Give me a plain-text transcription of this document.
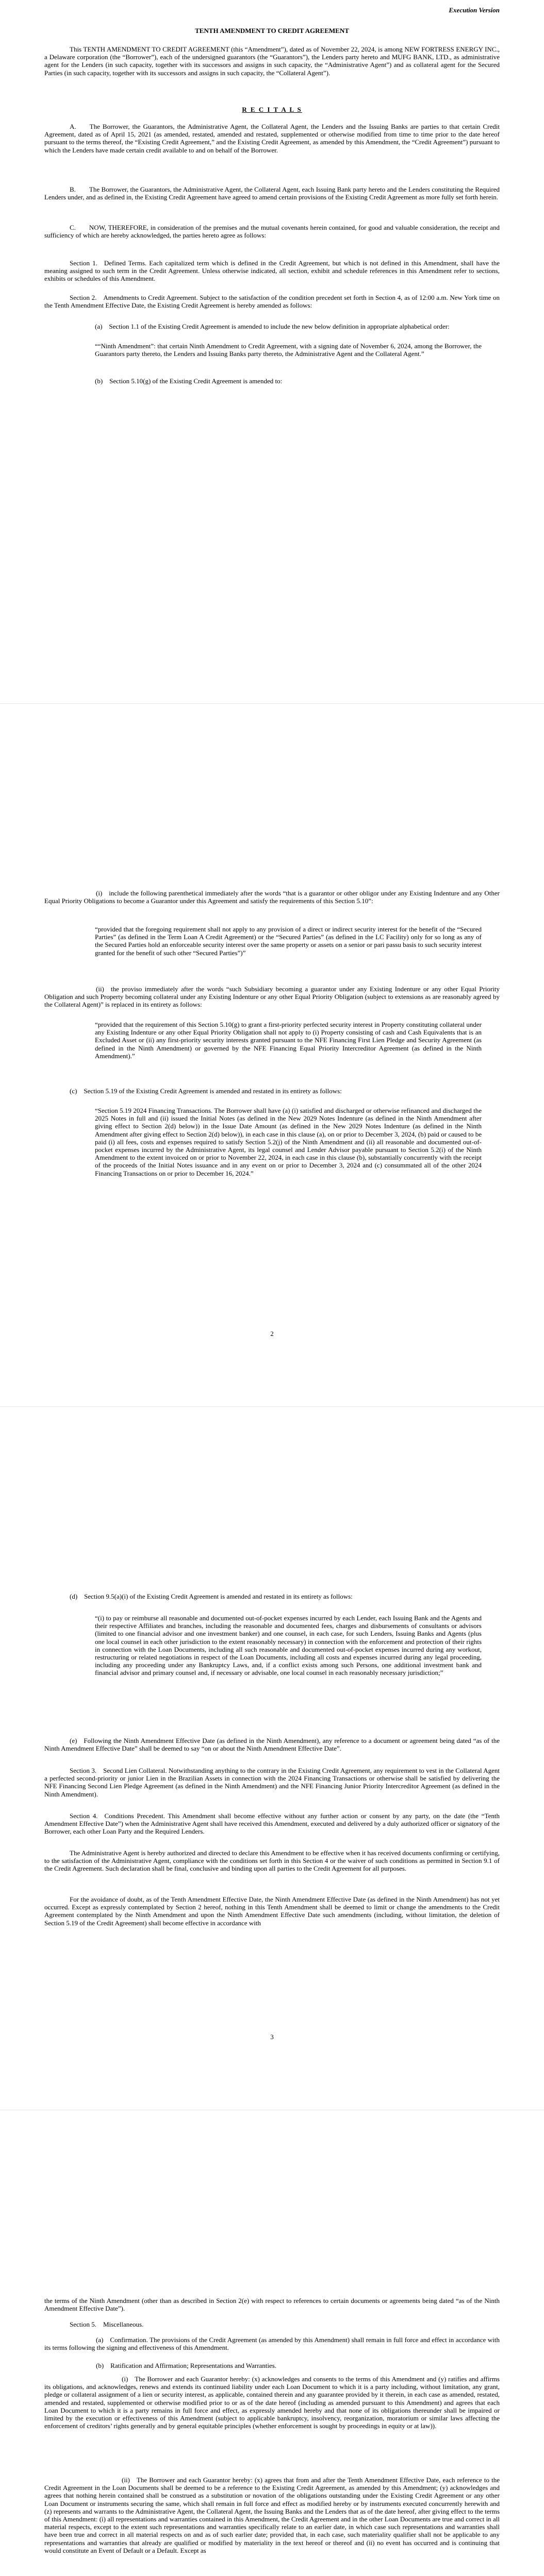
Execution Version

TENTH AMENDMENT TO CREDIT AGREEMENT

This TENTH AMENDMENT TO CREDIT AGREEMENT (this “Amendment”), dated as of November 22, 2024, is among NEW FORTRESS ENERGY INC., a Delaware corporation (the “Borrower”), each of the undersigned guarantors (the “Guarantors”), the Lenders party hereto and MUFG BANK, LTD., as administrative agent for the Lenders (in such capacity, together with its successors and assigns in such capacity, the “Administrative Agent”) and as collateral agent for the Secured Parties (in such capacity, together with its successors and assigns in such capacity, the “Collateral Agent”).

R E C I T A L S

A.  The Borrower, the Guarantors, the Administrative Agent, the Collateral Agent, the Lenders and the Issuing Banks are parties to that certain Credit Agreement, dated as of April 15, 2021 (as amended, restated, amended and restated, supplemented or otherwise modified from time to time prior to the date hereof pursuant to the terms thereof, the “Existing Credit Agreement,” and the Existing Credit Agreement, as amended by this Amendment, the “Credit Agreement”) pursuant to which the Lenders have made certain credit available to and on behalf of the Borrower.

B.  The Borrower, the Guarantors, the Administrative Agent, the Collateral Agent, each Issuing Bank party hereto and the Lenders constituting the Required Lenders under, and as defined in, the Existing Credit Agreement have agreed to amend certain provisions of the Existing Credit Agreement as more fully set forth herein.

C.  NOW, THEREFORE, in consideration of the premises and the mutual covenants herein contained, for good and valuable consideration, the receipt and sufficiency of which are hereby acknowledged, the parties hereto agree as follows:

Section 1. Defined Terms. Each capitalized term which is defined in the Credit Agreement, but which is not defined in this Amendment, shall have the meaning assigned to such term in the Credit Agreement. Unless otherwise indicated, all section, exhibit and schedule references in this Amendment refer to sections, exhibits or schedules of this Amendment.

Section 2. Amendments to Credit Agreement. Subject to the satisfaction of the condition precedent set forth in Section 4, as of 12:00 a.m. New York time on the Tenth Amendment Effective Date, the Existing Credit Agreement is hereby amended as follows:

(a) Section 1.1 of the Existing Credit Agreement is amended to include the new below definition in appropriate alphabetical order:

““Ninth Amendment”: that certain Ninth Amendment to Credit Agreement, with a signing date of November 6, 2024, among the Borrower, the Guarantors party thereto, the Lenders and Issuing Banks party thereto, the Administrative Agent and the Collateral Agent.”

(b) Section 5.10(g) of the Existing Credit Agreement is amended to:

(i) include the following parenthetical immediately after the words “that is a guarantor or other obligor under any Existing Indenture and any Other Equal Priority Obligations to become a Guarantor under this Agreement and satisfy the requirements of this Section 5.10”:

“provided that the foregoing requirement shall not apply to any provision of a direct or indirect security interest for the benefit of the “Secured Parties” (as defined in the Term Loan A Credit Agreement) or the “Secured Parties” (as defined in the LC Facility) only for so long as any of the Secured Parties hold an enforceable security interest over the same property or assets on a senior or pari passu basis to such security interest granted for the benefit of such other “Secured Parties”)”

(ii) the proviso immediately after the words “such Subsidiary becoming a guarantor under any Existing Indenture or any other Equal Priority Obligation and such Property becoming collateral under any Existing Indenture or any other Equal Priority Obligation (subject to extensions as are reasonably agreed by the Collateral Agent)” is replaced in its entirety as follows:

“provided that the requirement of this Section 5.10(g) to grant a first-priority perfected security interest in Property constituting collateral under any Existing Indenture or any other Equal Priority Obligation shall not apply to (i) Property consisting of cash and Cash Equivalents that is an Excluded Asset or (ii) any first-priority security interests granted pursuant to the NFE Financing First Lien Pledge and Security Agreement (as defined in the Ninth Amendment) or governed by the NFE Financing Equal Priority Intercreditor Agreement (as defined in the Ninth Amendment).”

(c) Section 5.19 of the Existing Credit Agreement is amended and restated in its entirety as follows:

“Section 5.19 2024 Financing Transactions. The Borrower shall have (a) (i) satisfied and discharged or otherwise refinanced and discharged the 2025 Notes in full and (ii) issued the Initial Notes (as defined in the New 2029 Notes Indenture (as defined in the Ninth Amendment after giving effect to Section 2(d) below)) in the Issue Date Amount (as defined in the New 2029 Notes Indenture (as defined in the Ninth Amendment after giving effect to Section 2(d) below)), in each case in this clause (a), on or prior to December 3, 2024, (b) paid or caused to be paid (i) all fees, costs and expenses required to satisfy Section 5.2(j) of the Ninth Amendment and (ii) all reasonable and documented out-of-pocket expenses incurred by the Administrative Agent, its legal counsel and Lender Advisor payable pursuant to Section 5.2(i) of the Ninth Amendment to the extent invoiced on or prior to November 22, 2024, in each case in this clause (b), substantially concurrently with the receipt of the proceeds of the Initial Notes issuance and in any event on or prior to December 3, 2024 and (c) consummated all of the other 2024 Financing Transactions on or prior to December 16, 2024.”

2

(d) Section 9.5(a)(i) of the Existing Credit Agreement is amended and restated in its entirety as follows:

“(i) to pay or reimburse all reasonable and documented out-of-pocket expenses incurred by each Lender, each Issuing Bank and the Agents and their respective Affiliates and branches, including the reasonable and documented fees, charges and disbursements of consultants or advisors (limited to one financial advisor and one investment banker) and one counsel, in each case, for such Lenders, Issuing Banks and Agents (plus one local counsel in each other jurisdiction to the extent reasonably necessary) in connection with the enforcement and protection of their rights in connection with the Loan Documents, including all such reasonable and documented out-of-pocket expenses incurred during any workout, restructuring or related negotiations in respect of the Loan Documents, including all costs and expenses incurred during any legal proceeding, including any proceeding under any Bankruptcy Laws, and, if a conflict exists among such Persons, one additional investment bank and financial advisor and primary counsel and, if necessary or advisable, one local counsel in each reasonably necessary jurisdiction;”

(e) Following the Ninth Amendment Effective Date (as defined in the Ninth Amendment), any reference to a document or agreement being dated “as of the Ninth Amendment Effective Date” shall be deemed to say “on or about the Ninth Amendment Effective Date”.

Section 3. Second Lien Collateral. Notwithstanding anything to the contrary in the Existing Credit Agreement, any requirement to vest in the Collateral Agent a perfected second-priority or junior Lien in the Brazilian Assets in connection with the 2024 Financing Transactions or otherwise shall be satisfied by delivering the NFE Financing Second Lien Pledge Agreement (as defined in the Ninth Amendment) and the NFE Financing Junior Priority Intercreditor Agreement (as defined in the Ninth Amendment).

Section 4. Conditions Precedent. This Amendment shall become effective without any further action or consent by any party, on the date (the “Tenth Amendment Effective Date”) when the Administrative Agent shall have received this Amendment, executed and delivered by a duly authorized officer or signatory of the Borrower, each other Loan Party and the Required Lenders.

The Administrative Agent is hereby authorized and directed to declare this Amendment to be effective when it has received documents confirming or certifying, to the satisfaction of the Administrative Agent, compliance with the conditions set forth in this Section 4 or the waiver of such conditions as permitted in Section 9.1 of the Credit Agreement. Such declaration shall be final, conclusive and binding upon all parties to the Credit Agreement for all purposes.

For the avoidance of doubt, as of the Tenth Amendment Effective Date, the Ninth Amendment Effective Date (as defined in the Ninth Amendment) has not yet occurred. Except as expressly contemplated by Section 2 hereof, nothing in this Tenth Amendment shall be deemed to limit or change the amendments to the Credit Agreement contemplated by the Ninth Amendment and upon the Ninth Amendment Effective Date such amendments (including, without limitation, the deletion of Section 5.19 of the Credit Agreement) shall become effective in accordance with

3

the terms of the Ninth Amendment (other than as described in Section 2(e) with respect to references to certain documents or agreements being dated “as of the Ninth Amendment Effective Date”).

Section 5. Miscellaneous.

(a) Confirmation. The provisions of the Credit Agreement (as amended by this Amendment) shall remain in full force and effect in accordance with its terms following the signing and effectiveness of this Amendment.

(b) Ratification and Affirmation; Representations and Warranties.

(i) The Borrower and each Guarantor hereby: (x) acknowledges and consents to the terms of this Amendment and (y) ratifies and affirms its obligations, and acknowledges, renews and extends its continued liability under each Loan Document to which it is a party including, without limitation, any grant, pledge or collateral assignment of a lien or security interest, as applicable, contained therein and any guarantee provided by it therein, in each case as amended, restated, amended and restated, supplemented or otherwise modified prior to or as of the date hereof (including as amended pursuant to this Amendment) and agrees that each Loan Document to which it is a party remains in full force and effect, as expressly amended hereby and that none of its obligations thereunder shall be impaired or limited by the execution or effectiveness of this Amendment (subject to applicable bankruptcy, insolvency, reorganization, moratorium or similar laws affecting the enforcement of creditors’ rights generally and by general equitable principles (whether enforcement is sought by proceedings in equity or at law)).

(ii) The Borrower and each Guarantor hereby: (x) agrees that from and after the Tenth Amendment Effective Date, each reference to the Credit Agreement in the Loan Documents shall be deemed to be a reference to the Existing Credit Agreement, as amended by this Amendment; (y) acknowledges and agrees that nothing herein contained shall be construed as a substitution or novation of the obligations outstanding under the Existing Credit Agreement or any other Loan Document or instruments securing the same, which shall remain in full force and effect as modified hereby or by instruments executed concurrently herewith and (z) represents and warrants to the Administrative Agent, the Collateral Agent, the Issuing Banks and the Lenders that as of the date hereof, after giving effect to the terms of this Amendment: (i) all representations and warranties contained in this Amendment, the Credit Agreement and in the other Loan Documents are true and correct in all material respects, except to the extent such representations and warranties specifically relate to an earlier date, in which case such representations and warranties shall have been true and correct in all material respects on and as of such earlier date; provided that, in each case, such materiality qualifier shall not be applicable to any representations and warranties that already are qualified or modified by materiality in the text hereof or thereof and (ii) no event has occurred and is continuing that would constitute an Event of Default or a Default. Except as
